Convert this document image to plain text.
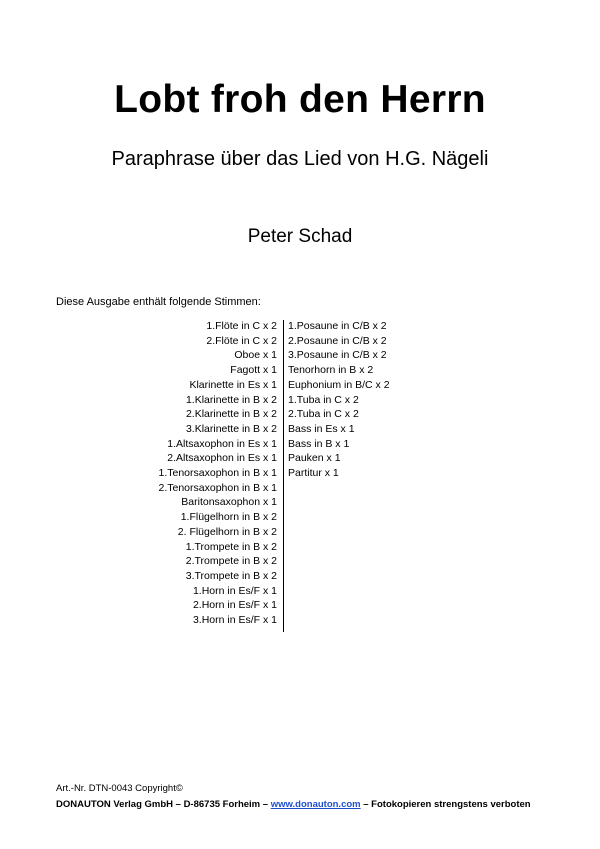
Lobt froh den Herrn
Paraphrase über das Lied von H.G. Nägeli
Peter Schad
Diese Ausgabe enthält folgende Stimmen:
1.Flöte in C x 2
2.Flöte in C x 2
Oboe x 1
Fagott x 1
Klarinette in Es x 1
1.Klarinette in B x 2
2.Klarinette in B x 2
3.Klarinette in B x 2
1.Altsaxophon in Es x 1
2.Altsaxophon in Es x 1
1.Tenorsaxophon in B x 1
2.Tenorsaxophon in B x 1
Baritonsaxophon x 1
1.Flügelhorn in B x 2
2. Flügelhorn in B x 2
1.Trompete in B x 2
2.Trompete in B x 2
3.Trompete in B x 2
1.Horn in Es/F x 1
2.Horn in Es/F x 1
3.Horn in Es/F x 1
1.Posaune in C/B x 2
2.Posaune in C/B x 2
3.Posaune in C/B x 2
Tenorhorn in B x 2
Euphonium in B/C x 2
1.Tuba in C x 2
2.Tuba in C x 2
Bass in Es x 1
Bass in B x 1
Pauken x 1
Partitur x 1
Art.-Nr. DTN-0043 Copyright©
DONAUTON Verlag GmbH – D-86735 Forheim – www.donauton.com – Fotokopieren strengstens verboten
